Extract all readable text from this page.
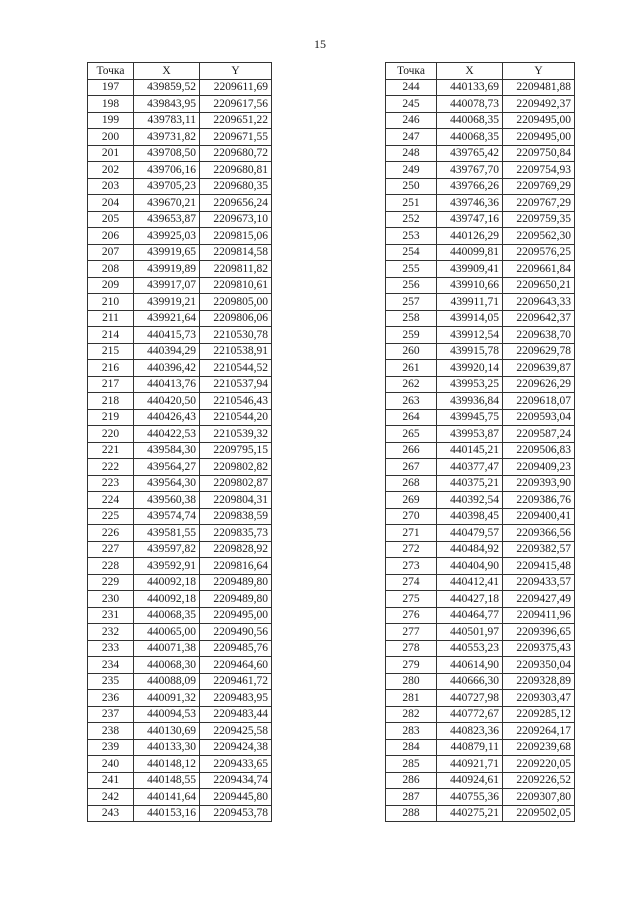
15
Точка	X	Y
197	439859,52	2209611,69
198	439843,95	2209617,56
199	439783,11	2209651,22
200	439731,82	2209671,55
201	439708,50	2209680,72
202	439706,16	2209680,81
203	439705,23	2209680,35
204	439670,21	2209656,24
205	439653,87	2209673,10
206	439925,03	2209815,06
207	439919,65	2209814,58
208	439919,89	2209811,82
209	439917,07	2209810,61
210	439919,21	2209805,00
211	439921,64	2209806,06
214	440415,73	2210530,78
215	440394,29	2210538,91
216	440396,42	2210544,52
217	440413,76	2210537,94
218	440420,50	2210546,43
219	440426,43	2210544,20
220	440422,53	2210539,32
221	439584,30	2209795,15
222	439564,27	2209802,82
223	439564,30	2209802,87
224	439560,38	2209804,31
225	439574,74	2209838,59
226	439581,55	2209835,73
227	439597,82	2209828,92
228	439592,91	2209816,64
229	440092,18	2209489,80
230	440092,18	2209489,80
231	440068,35	2209495,00
232	440065,00	2209490,56
233	440071,38	2209485,76
234	440068,30	2209464,60
235	440088,09	2209461,72
236	440091,32	2209483,95
237	440094,53	2209483,44
238	440130,69	2209425,58
239	440133,30	2209424,38
240	440148,12	2209433,65
241	440148,55	2209434,74
242	440141,64	2209445,80
243	440153,16	2209453,78
Точка	X	Y
244	440133,69	2209481,88
245	440078,73	2209492,37
246	440068,35	2209495,00
247	440068,35	2209495,00
248	439765,42	2209750,84
249	439767,70	2209754,93
250	439766,26	2209769,29
251	439746,36	2209767,29
252	439747,16	2209759,35
253	440126,29	2209562,30
254	440099,81	2209576,25
255	439909,41	2209661,84
256	439910,66	2209650,21
257	439911,71	2209643,33
258	439914,05	2209642,37
259	439912,54	2209638,70
260	439915,78	2209629,78
261	439920,14	2209639,87
262	439953,25	2209626,29
263	439936,84	2209618,07
264	439945,75	2209593,04
265	439953,87	2209587,24
266	440145,21	2209506,83
267	440377,47	2209409,23
268	440375,21	2209393,90
269	440392,54	2209386,76
270	440398,45	2209400,41
271	440479,57	2209366,56
272	440484,92	2209382,57
273	440404,90	2209415,48
274	440412,41	2209433,57
275	440427,18	2209427,49
276	440464,77	2209411,96
277	440501,97	2209396,65
278	440553,23	2209375,43
279	440614,90	2209350,04
280	440666,30	2209328,89
281	440727,98	2209303,47
282	440772,67	2209285,12
283	440823,36	2209264,17
284	440879,11	2209239,68
285	440921,71	2209220,05
286	440924,61	2209226,52
287	440755,36	2209307,80
288	440275,21	2209502,05
